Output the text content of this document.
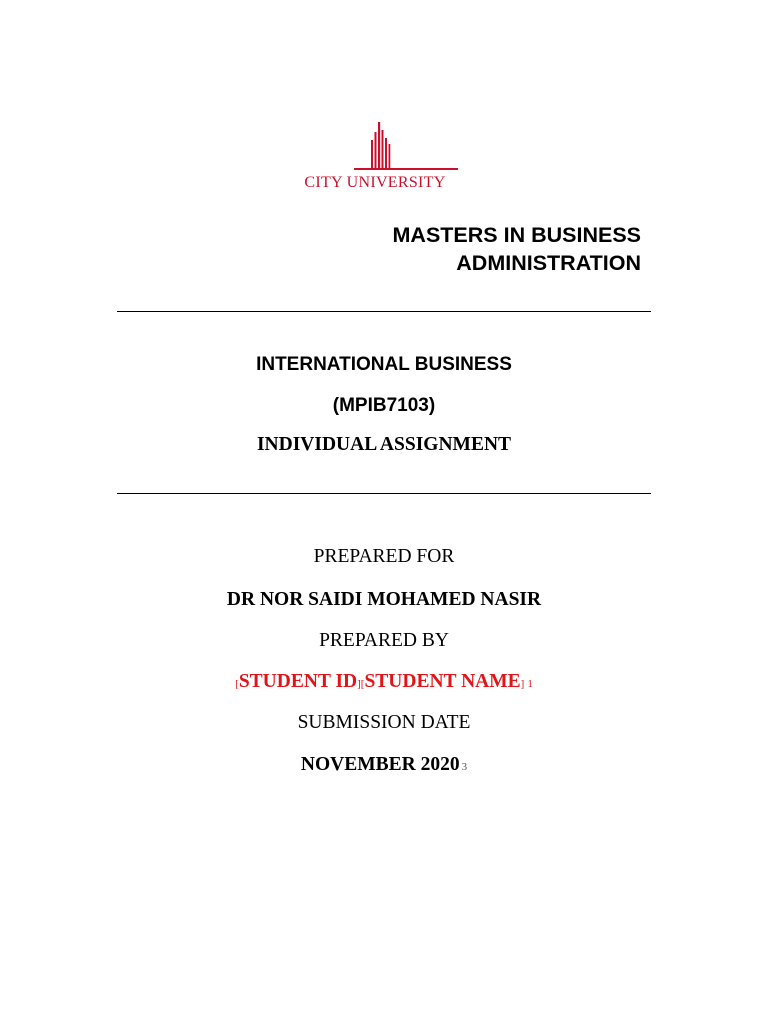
CITY UNIVERSITY
MASTERS IN BUSINESS
ADMINISTRATION
INTERNATIONAL BUSINESS
(MPIB7103)
INDIVIDUAL ASSIGNMENT
PREPARED FOR
DR NOR SAIDI MOHAMED NASIR
PREPARED BY
[STUDENT ID][STUDENT NAME] 1
SUBMISSION DATE
NOVEMBER 2020 3
